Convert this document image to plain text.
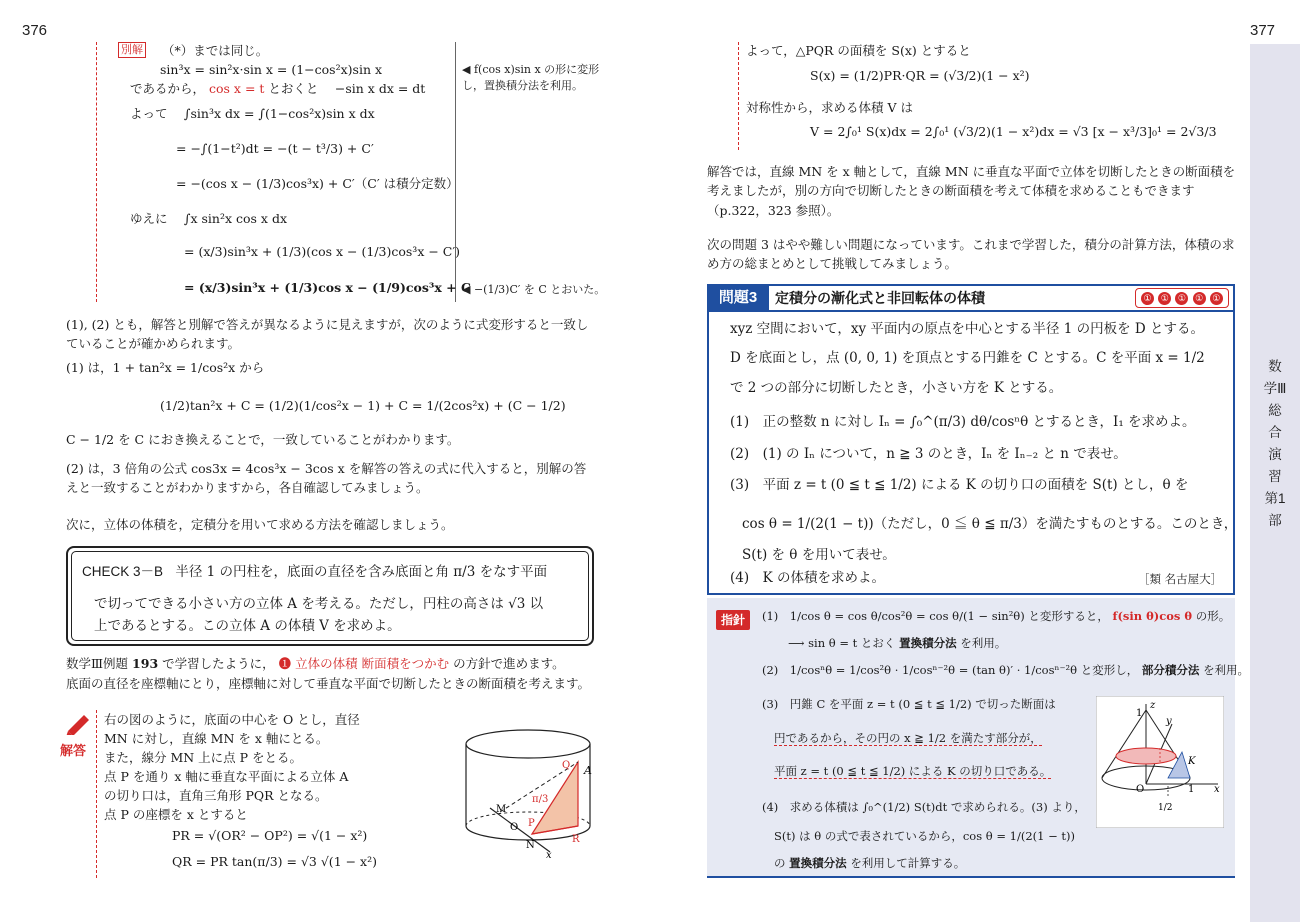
376	377
数学Ⅲ 総合演習 第1部
別解 （*）までは同じ。
sin³x = sin²x·sin x = (1−cos²x)sin x
であるから， cos x = t とおくと　 −sin x dx = dt
よって　 ∫sin³x dx = ∫(1−cos²x)sin x dx
= −∫(1−t²)dt = −(t − t³/3) + C′
= −(cos x − (1/3)cos³x) + C′（C′ は積分定数）
ゆえに　 ∫x sin²x cos x dx
= (x/3)sin³x + (1/3)(cos x − (1/3)cos³x − C′)
= (x/3)sin³x + (1/3)cos x − (1/9)cos³x + C
◀ f(cos x)sin x の形に変形し，置換積分法を利用。
◀ −(1/3)C′ を C とおいた。
(1), (2) とも，解答と別解で答えが異なるように見えますが，次のように式変形すると一致していることが確かめられます。
(1) は，1 + tan²x = 1/cos²x から
(1/2)tan²x + C = (1/2)(1/cos²x − 1) + C = 1/(2cos²x) + (C − 1/2)
C − 1/2 を C におき換えることで，一致していることがわかります。
(2) は，3 倍角の公式 cos3x = 4cos³x − 3cos x を解答の答えの式に代入すると，別解の答えと一致することがわかりますから，各自確認してみましょう。
次に，立体の体積を，定積分を用いて求める方法を確認しましょう。
CHECK 3－B 半径 1 の円柱を，底面の直径を含み底面と角 π/3 をなす平面
で切ってできる小さい方の立体 A を考える。ただし，円柱の高さは √3 以
上であるとする。この立体 A の体積 V を求めよ。
数学Ⅲ例題 193 で学習したように， ❶ 立体の体積 断面積をつかむ の方針で進めます。
底面の直径を座標軸にとり，座標軸に対して垂直な平面で切断したときの断面積を考えます。
解答
右の図のように，底面の中心を O とし，直径
MN に対し，直線 MN を x 軸にとる。
また，線分 MN 上に点 P をとる。
点 P を通り x 軸に垂直な平面による立体 A
の切り口は，直角三角形 PQR となる。
点 P の座標を x とすると
PR = √(OR² − OP²) = √(1 − x²)
QR = PR tan(π/3) = √3 √(1 − x²)
A
Q
π/3
P
M
O
N
R
x
よって，△PQR の面積を S(x) とすると
S(x) = (1/2)PR·QR = (√3/2)(1 − x²)
対称性から，求める体積 V は
V = 2∫₀¹ S(x)dx = 2∫₀¹ (√3/2)(1 − x²)dx = √3 [x − x³/3]₀¹ = 2√3/3
解答では，直線 MN を x 軸として，直線 MN に垂直な平面で立体を切断したときの断面積を考えましたが，別の方向で切断したときの断面積を考えて体積を求めることもできます（p.322，323 参照）。
次の問題 3 はやや難しい問題になっています。これまで学習した，積分の計算方法，体積の求め方の総まとめとして挑戦してみましょう。
問題3	定積分の漸化式と非回転体の体積	① ① ① ① ①
xyz 空間において，xy 平面内の原点を中心とする半径 1 の円板を D とする。
D を底面とし，点 (0, 0, 1) を頂点とする円錐を C とする。C を平面 x = 1/2
で 2 つの部分に切断したとき，小さい方を K とする。
(1)　正の整数 n に対し Iₙ = ∫₀^(π/3) dθ/cosⁿθ とするとき，I₁ を求めよ。
(2)　(1) の Iₙ について，n ≧ 3 のとき，Iₙ を Iₙ₋₂ と n で表せ。
(3)　平面 z = t (0 ≦ t ≦ 1/2) による K の切り口の面積を S(t) とし，θ を
cos θ = 1/(2(1 − t))（ただし，0 ≦ θ ≦ π/3）を満たすものとする。このとき，
S(t) を θ を用いて表せ。
(4)　K の体積を求めよ。	［類 名古屋大］
指針	(1)　1/cos θ = cos θ/cos²θ = cos θ/(1 − sin²θ) と変形すると， f(sin θ)cos θ の形。
⟶ sin θ = t とおく 置換積分法 を利用。
(2)　1/cosⁿθ = 1/cos²θ · 1/cosⁿ⁻²θ = (tan θ)′ · 1/cosⁿ⁻²θ と変形し， 部分積分法 を利用。
(3)　円錐 C を平面 z = t (0 ≦ t ≦ 1/2) で切った断面は
円であるから，その円の x ≧ 1/2 を満たす部分が，
平面 z = t (0 ≦ t ≦ 1/2) による K の切り口である。
(4)　求める体積は ∫₀^(1/2) S(t)dt で求められる。(3) より，
S(t) は θ の式で表されているから，cos θ = 1/(2(1 − t))
の 置換積分法 を利用して計算する。
z
y
x
K
1
1
O
1/2
